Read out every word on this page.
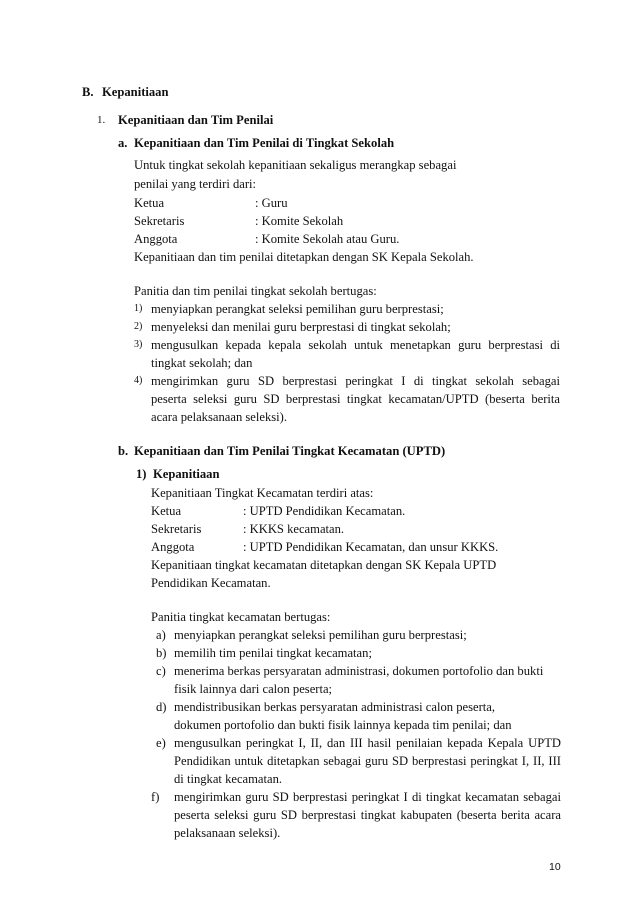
B. Kepanitiaan
1. Kepanitiaan dan Tim Penilai
a. Kepanitiaan dan Tim Penilai di Tingkat Sekolah
Untuk tingkat sekolah kepanitiaan sekaligus merangkap sebagai
penilai yang terdiri dari:
Ketua	: Guru
Sekretaris	: Komite Sekolah
Anggota	: Komite Sekolah atau Guru.
Kepanitiaan dan tim penilai ditetapkan dengan SK Kepala Sekolah.
Panitia dan tim penilai tingkat sekolah bertugas:
1) menyiapkan perangkat seleksi pemilihan guru berprestasi;
2) menyeleksi dan menilai guru berprestasi di tingkat sekolah;
3) mengusulkan kepada kepala sekolah untuk menetapkan guru berprestasi di
tingkat sekolah; dan
4) mengirimkan guru SD berprestasi peringkat I di tingkat sekolah sebagai
peserta seleksi guru SD berprestasi tingkat kecamatan/UPTD (beserta berita
acara pelaksanaan seleksi).
b. Kepanitiaan dan Tim Penilai Tingkat Kecamatan (UPTD)
1) Kepanitiaan
Kepanitiaan Tingkat Kecamatan terdiri atas:
Ketua	: UPTD Pendidikan Kecamatan.
Sekretaris	: KKKS kecamatan.
Anggota	: UPTD Pendidikan Kecamatan, dan unsur KKKS.
Kepanitiaan tingkat kecamatan ditetapkan dengan SK Kepala UPTD
Pendidikan Kecamatan.
Panitia tingkat kecamatan bertugas:
a) menyiapkan perangkat seleksi pemilihan guru berprestasi;
b) memilih tim penilai tingkat kecamatan;
c) menerima berkas persyaratan administrasi, dokumen portofolio dan bukti
fisik lainnya dari calon peserta;
d) mendistribusikan berkas persyaratan administrasi calon peserta,
dokumen portofolio dan bukti fisik lainnya kepada tim penilai; dan
e) mengusulkan peringkat I, II, dan III hasil penilaian kepada Kepala UPTD
Pendidikan untuk ditetapkan sebagai guru SD berprestasi peringkat I, II, III
di tingkat kecamatan.
f) mengirimkan guru SD berprestasi peringkat I di tingkat kecamatan sebagai
peserta seleksi guru SD berprestasi tingkat kabupaten (beserta berita acara
pelaksanaan seleksi).
10
